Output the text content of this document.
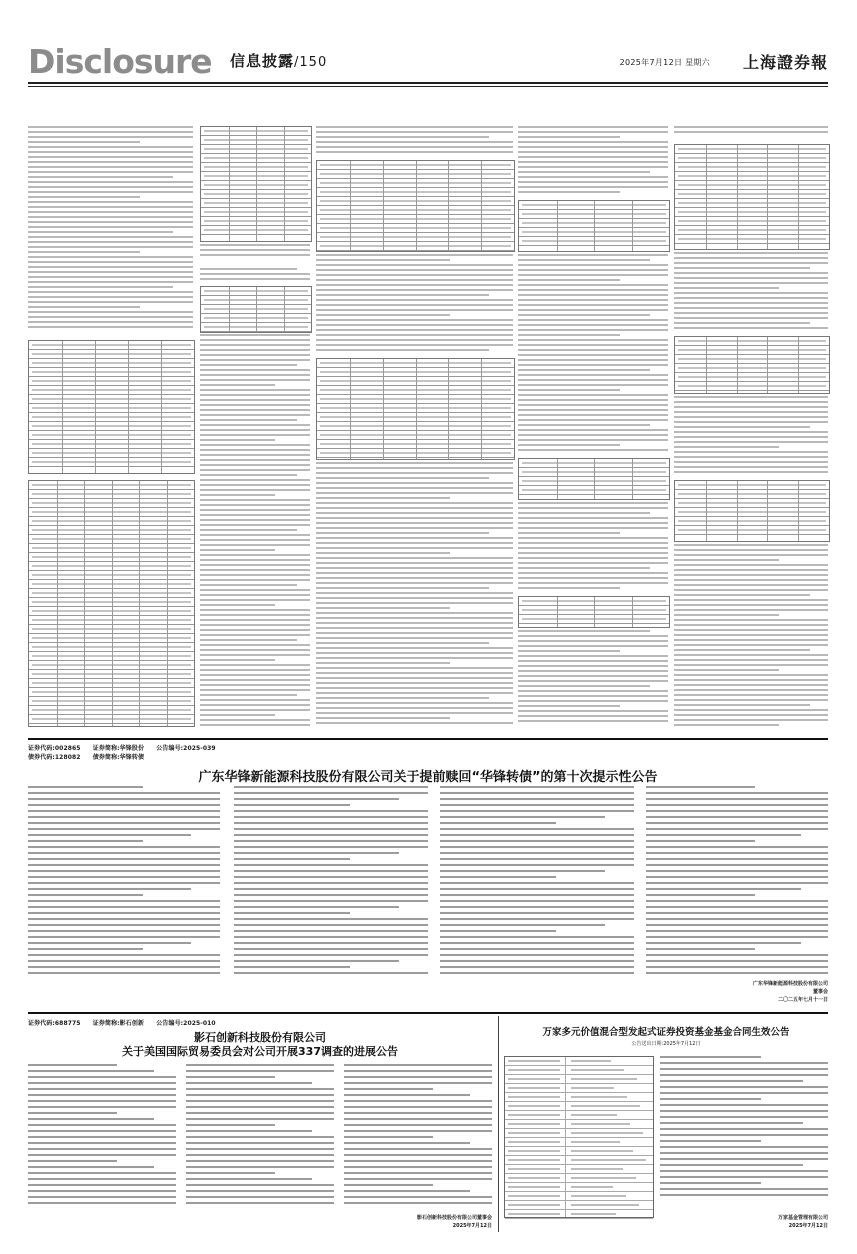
Disclosure 信息披露/150	2025年7月12日 星期六 上海證券報
证券代码:002865 证券简称:华锋股份 公告编号:2025-039
债券代码:128082 债券简称:华锋转债
广东华锋新能源科技股份有限公司关于提前赎回“华锋转债”的第十次提示性公告
广东华锋新能源科技股份有限公司
董事会
二〇二五年七月十一日
证券代码:688775 证券简称:影石创新 公告编号:2025-010
影石创新科技股份有限公司
关于美国国际贸易委员会对公司开展337调查的进展公告
影石创新科技股份有限公司董事会
2025年7月12日
万家多元价值混合型发起式证券投资基金基金合同生效公告
公告送出日期:2025年7月12日
万家基金管理有限公司
2025年7月12日
